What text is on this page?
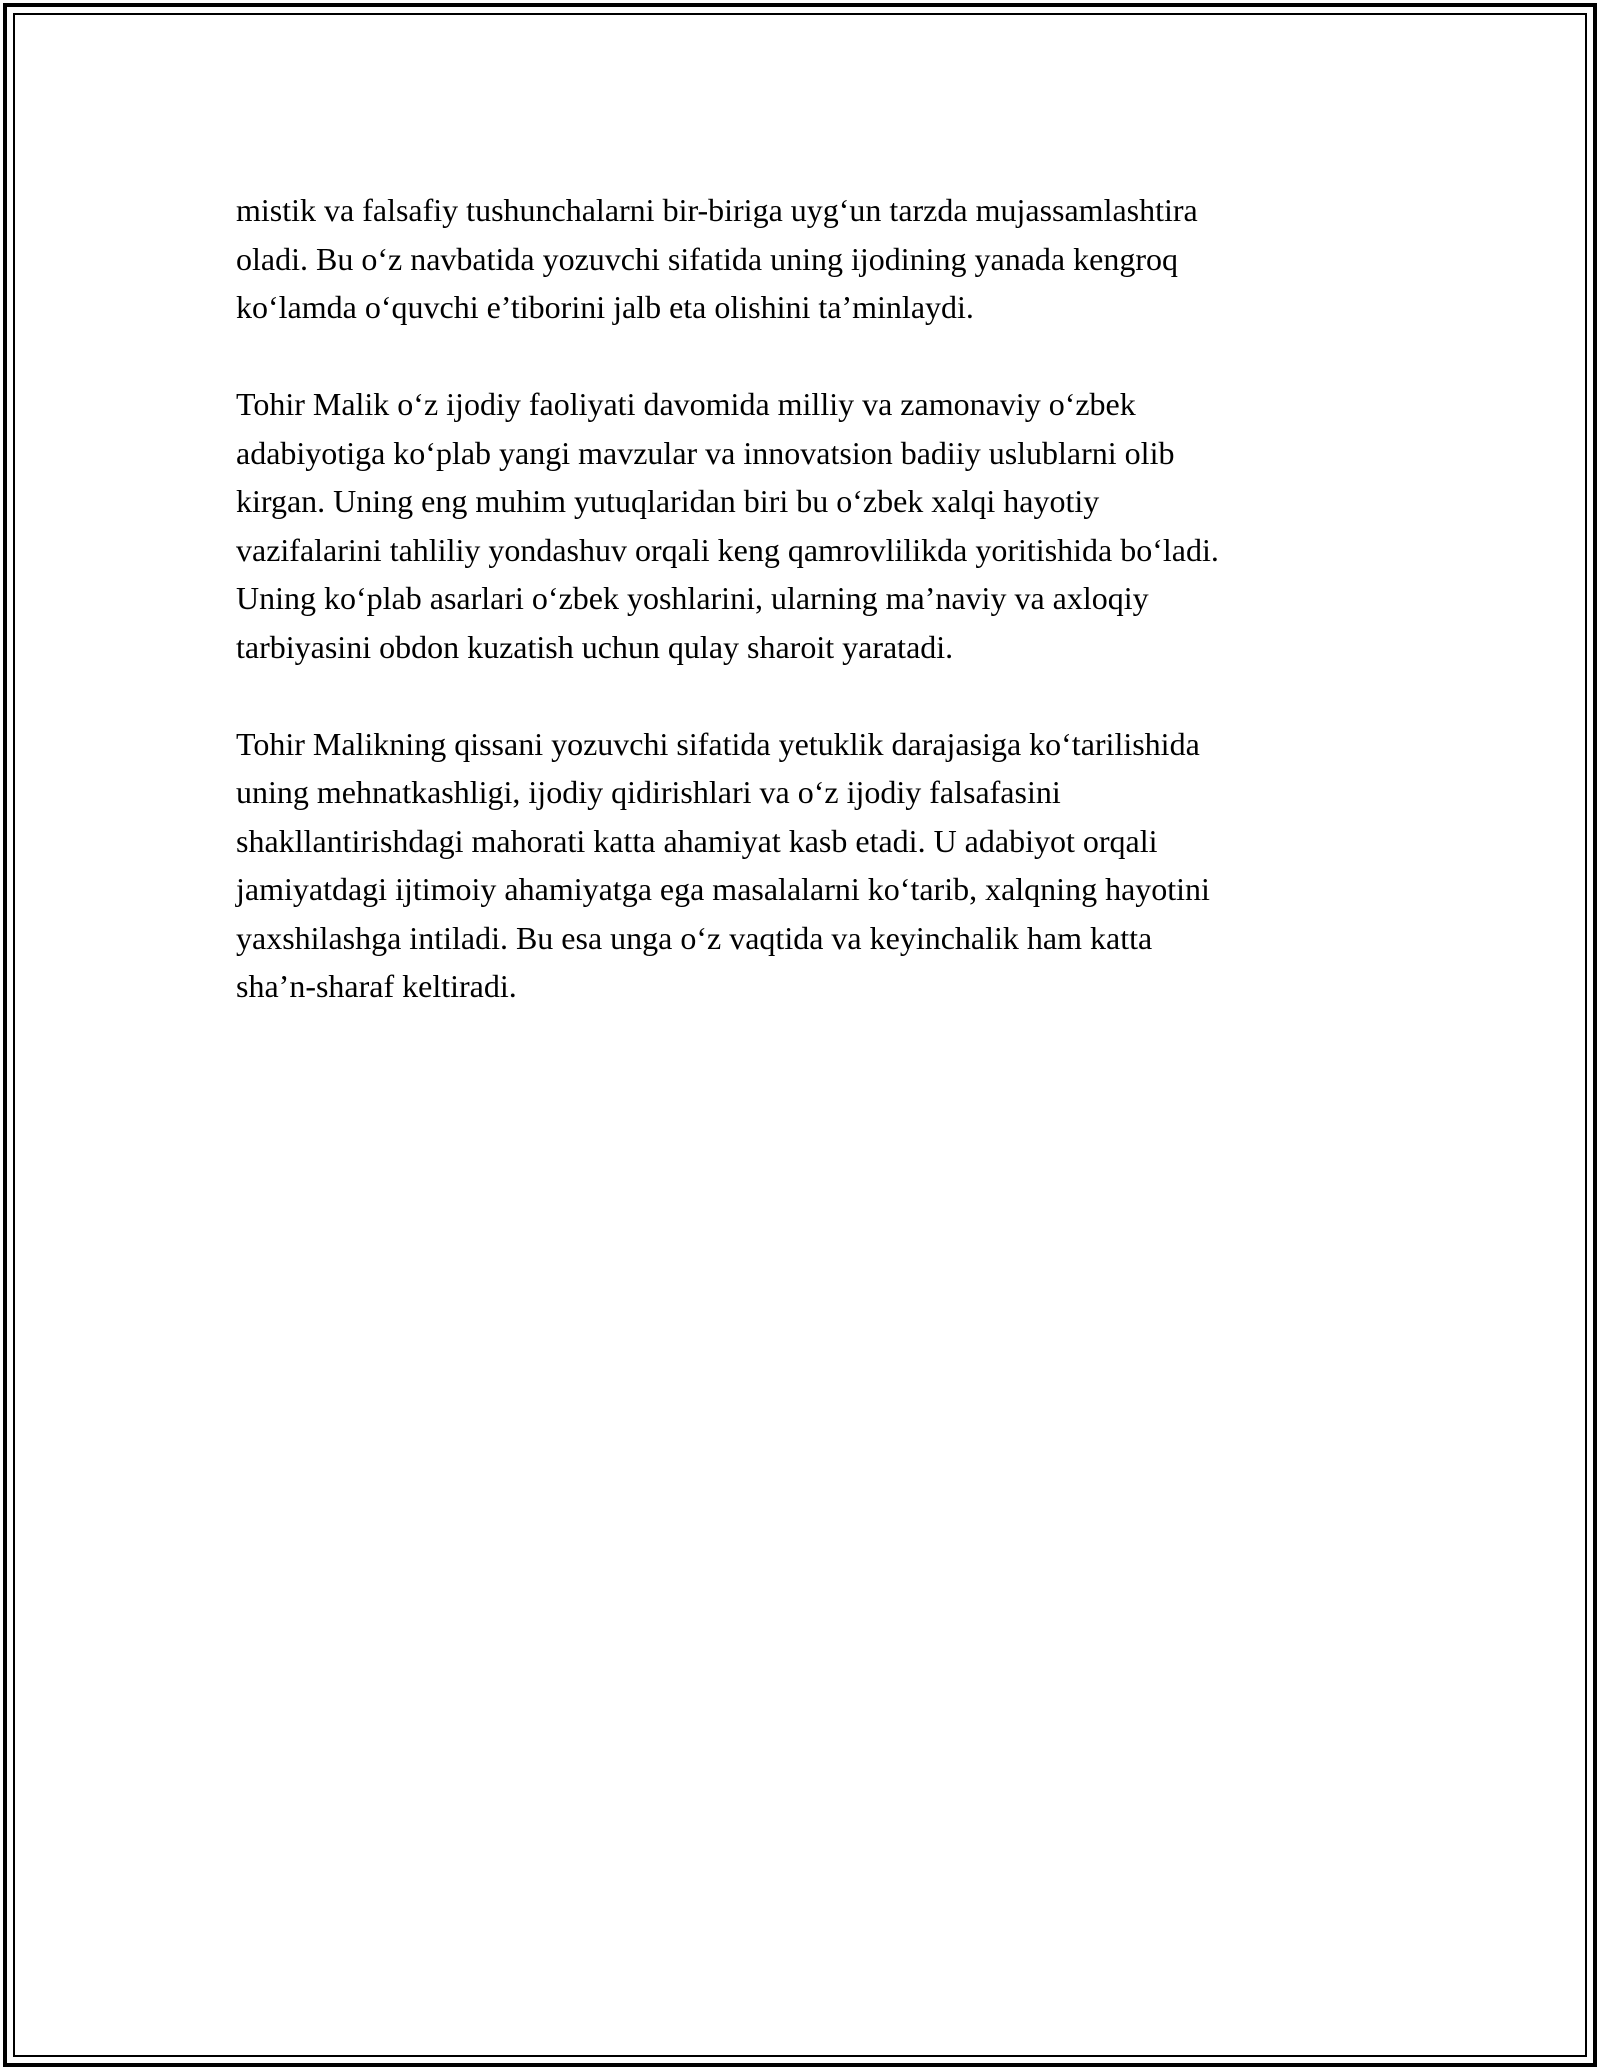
mistik va falsafiy tushunchalarni bir-biriga uyg‘un tarzda mujassamlashtira
oladi. Bu o‘z navbatida yozuvchi sifatida uning ijodining yanada kengroq
ko‘lamda o‘quvchi e’tiborini jalb eta olishini ta’minlaydi.

Tohir Malik o‘z ijodiy faoliyati davomida milliy va zamonaviy o‘zbek
adabiyotiga ko‘plab yangi mavzular va innovatsion badiiy uslublarni olib
kirgan. Uning eng muhim yutuqlaridan biri bu o‘zbek xalqi hayotiy
vazifalarini tahliliy yondashuv orqali keng qamrovlilikda yoritishida bo‘ladi.
Uning ko‘plab asarlari o‘zbek yoshlarini, ularning ma’naviy va axloqiy
tarbiyasini obdon kuzatish uchun qulay sharoit yaratadi.

Tohir Malikning qissani yozuvchi sifatida yetuklik darajasiga ko‘tarilishida
uning mehnatkashligi, ijodiy qidirishlari va o‘z ijodiy falsafasini
shakllantirishdagi mahorati katta ahamiyat kasb etadi. U adabiyot orqali
jamiyatdagi ijtimoiy ahamiyatga ega masalalarni ko‘tarib, xalqning hayotini
yaxshilashga intiladi. Bu esa unga o‘z vaqtida va keyinchalik ham katta
sha’n-sharaf keltiradi.
